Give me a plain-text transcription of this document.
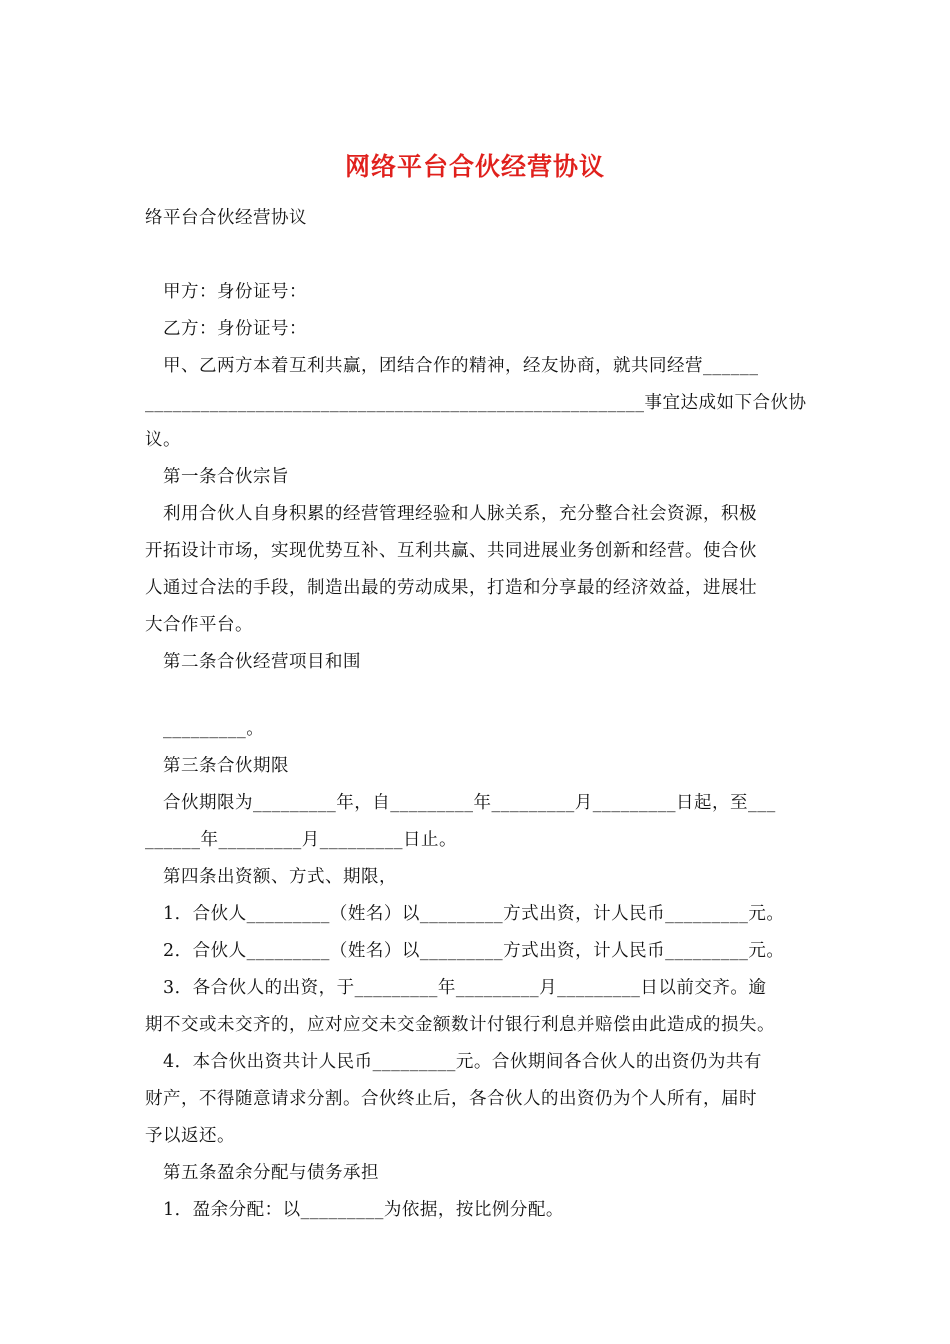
网络平台合伙经营协议
络平台合伙经营协议
甲方：身份证号：
乙方：身份证号：
甲、乙两方本着互利共赢，团结合作的精神，经友协商，就共同经营______
______________________________________________________事宜达成如下合伙协
议。
第一条合伙宗旨
利用合伙人自身积累的经营管理经验和人脉关系，充分整合社会资源，积极
开拓设计市场，实现优势互补、互利共赢、共同进展业务创新和经营。使合伙
人通过合法的手段，制造出最的劳动成果，打造和分享最的经济效益，进展壮
大合作平台。
第二条合伙经营项目和围
_________。
第三条合伙期限
合伙期限为_________年，自_________年_________月_________日起，至___
______年_________月_________日止。
第四条出资额、方式、期限，
1．合伙人_________（姓名）以_________方式出资，计人民币_________元。
2．合伙人_________（姓名）以_________方式出资，计人民币_________元。
3．各合伙人的出资，于_________年_________月_________日以前交齐。逾
期不交或未交齐的，应对应交未交金额数计付银行利息并赔偿由此造成的损失。
4．本合伙出资共计人民币_________元。合伙期间各合伙人的出资仍为共有
财产，不得随意请求分割。合伙终止后，各合伙人的出资仍为个人所有，届时
予以返还。
第五条盈余分配与债务承担
1．盈余分配：以_________为依据，按比例分配。
